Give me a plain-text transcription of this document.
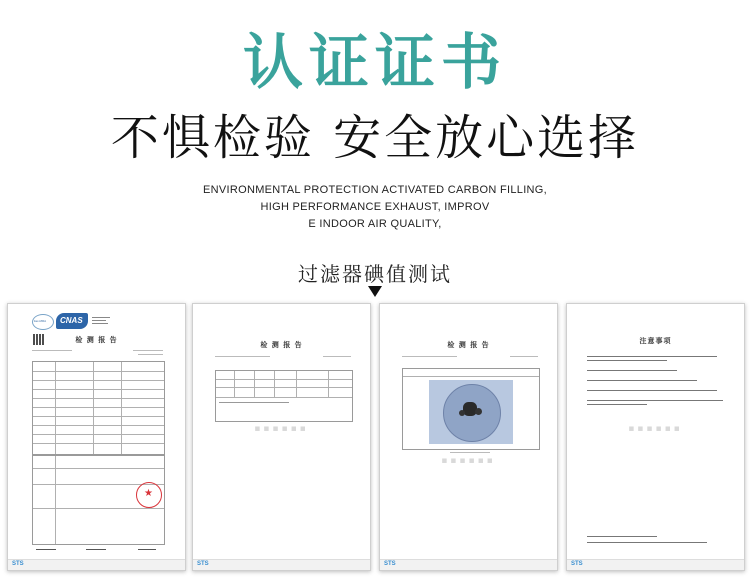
认证证书
不惧检验 安全放心选择
ENVIRONMENTAL PROTECTION ACTIVATED CARBON FILLING,
HIGH PERFORMANCE EXHAUST, IMPROV
E INDOOR AIR QUALITY,
过滤器碘值测试
ilac-MRA CNAS
检 测 报 告
★
STS
检 测 报 告
▪▪▪▪▪▪
STS
检 测 报 告
▪▪▪▪▪▪
STS
注意事项
▪▪▪▪▪▪
STS
